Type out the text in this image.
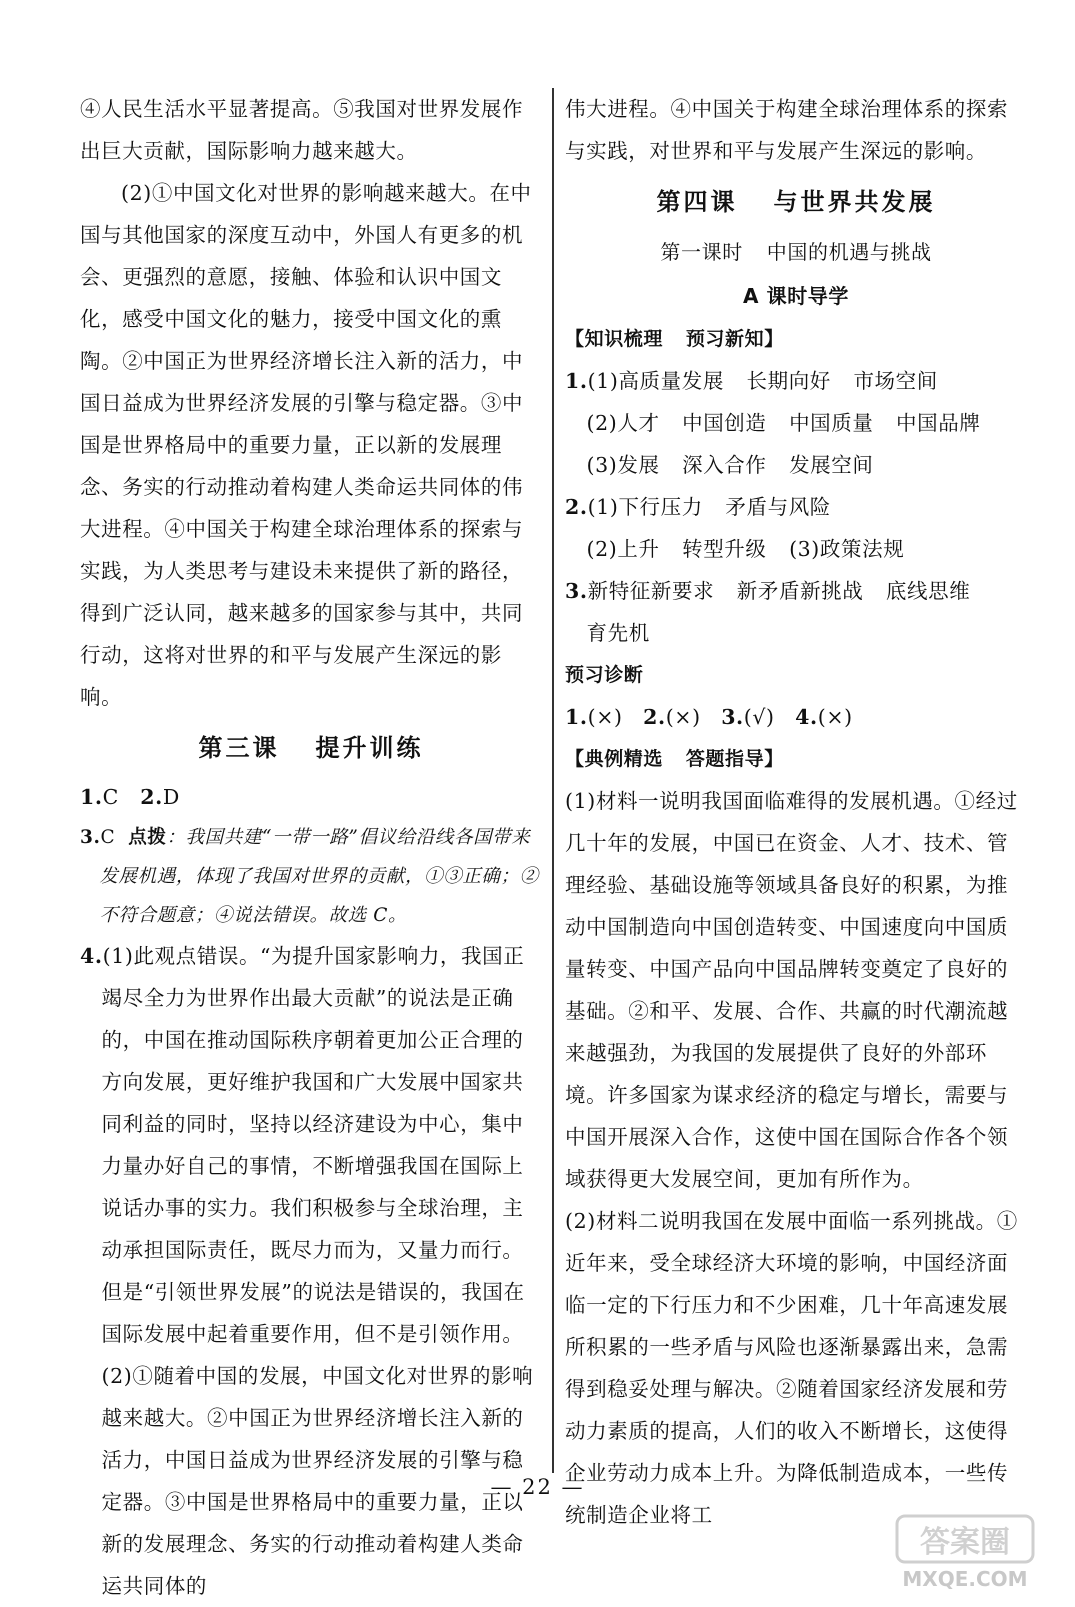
④人民生活水平显著提高。⑤我国对世界发展作出巨大贡献，国际影响力越来越大。

(2)①中国文化对世界的影响越来越大。在中国与其他国家的深度互动中，外国人有更多的机会、更强烈的意愿，接触、体验和认识中国文化，感受中国文化的魅力，接受中国文化的熏陶。②中国正为世界经济增长注入新的活力，中国日益成为世界经济发展的引擎与稳定器。③中国是世界格局中的重要力量，正以新的发展理念、务实的行动推动着构建人类命运共同体的伟大进程。④中国关于构建全球治理体系的探索与实践，为人类思考与建设未来提供了新的路径，得到广泛认同，越来越多的国家参与其中，共同行动，这将对世界的和平与发展产生深远的影响。

第三课 提升训练

1.C 2.D

3.C 点拨：我国共建“一带一路”倡议给沿线各国带来发展机遇，体现了我国对世界的贡献，①③正确；②不符合题意；④说法错误。故选 C。

4.(1)此观点错误。“为提升国家影响力，我国正竭尽全力为世界作出最大贡献”的说法是正确的，中国在推动国际秩序朝着更加公正合理的方向发展，更好维护我国和广大发展中国家共同利益的同时，坚持以经济建设为中心，集中力量办好自己的事情，不断增强我国在国际上说话办事的实力。我们积极参与全球治理，主动承担国际责任，既尽力而为，又量力而行。但是“引领世界发展”的说法是错误的，我国在国际发展中起着重要作用，但不是引领作用。

(2)①随着中国的发展，中国文化对世界的影响越来越大。②中国正为世界经济增长注入新的活力，中国日益成为世界经济发展的引擎与稳定器。③中国是世界格局中的重要力量，正以新的发展理念、务实的行动推动着构建人类命运共同体的

伟大进程。④中国关于构建全球治理体系的探索与实践，对世界和平与发展产生深远的影响。

第四课 与世界共发展
第一课时 中国的机遇与挑战
A 课时导学

【知识梳理 预习新知】

1.(1)高质量发展 长期向好 市场空间

(2)人才 中国创造 中国质量 中国品牌

(3)发展 深入合作 发展空间

2.(1)下行压力 矛盾与风险

(2)上升 转型升级 (3)政策法规

3.新特征新要求 新矛盾新挑战 底线思维

育先机

预习诊断

1.(×) 2.(×) 3.(√) 4.(×)

【典例精选 答题指导】

(1)材料一说明我国面临难得的发展机遇。①经过几十年的发展，中国已在资金、人才、技术、管理经验、基础设施等领域具备良好的积累，为推动中国制造向中国创造转变、中国速度向中国质量转变、中国产品向中国品牌转变奠定了良好的基础。②和平、发展、合作、共赢的时代潮流越来越强劲，为我国的发展提供了良好的外部环境。许多国家为谋求经济的稳定与增长，需要与中国开展深入合作，这使中国在国际合作各个领域获得更大发展空间，更加有所作为。

(2)材料二说明我国在发展中面临一系列挑战。①近年来，受全球经济大环境的影响，中国经济面临一定的下行压力和不少困难，几十年高速发展所积累的一些矛盾与风险也逐渐暴露出来，急需得到稳妥处理与解决。②随着国家经济发展和劳动力素质的提高，人们的收入不断增长，这使得企业劳动力成本上升。为降低制造成本，一些传统制造企业将工

— 22 —
答案圈
MXQE.COM
